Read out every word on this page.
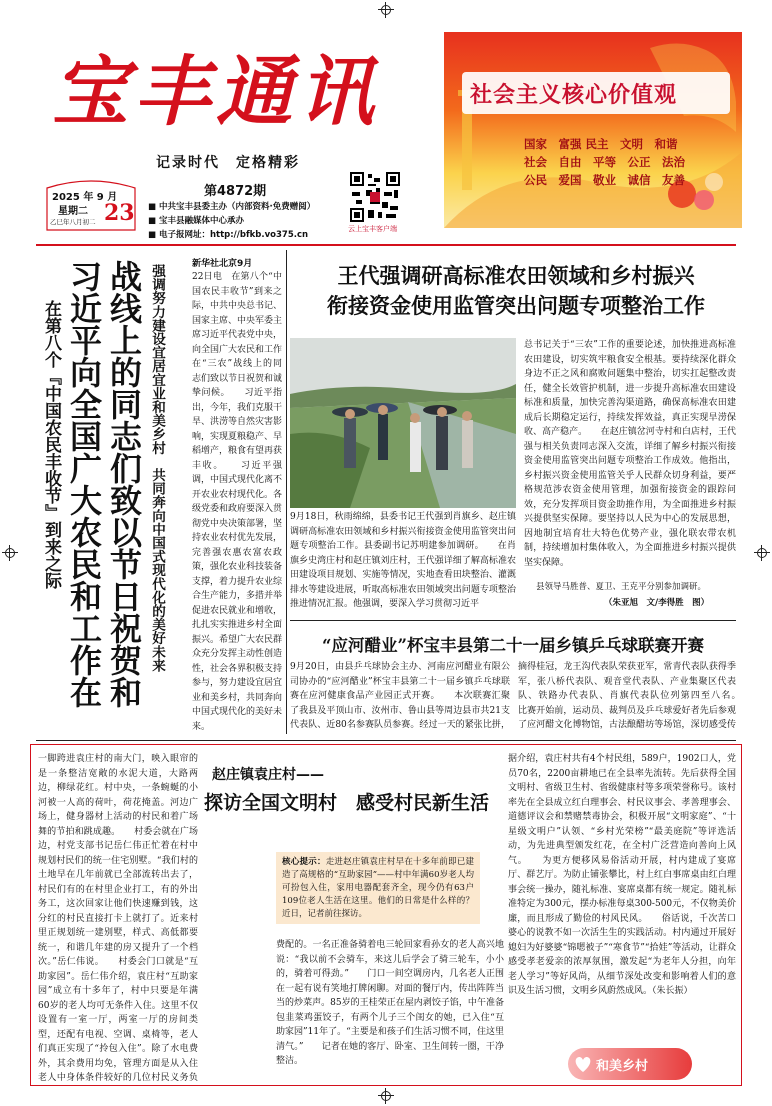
宝丰通讯
记录时代　定格精彩
2025 年 9 月
星期二
乙巳年八月初二 23
第4872期
■ 中共宝丰县委主办（内部资料·免费赠阅）
■ 宝丰县融媒体中心承办
■ 电子报网址：http://bfkb.vo375.cn
云上宝丰客户端
社会主义核心价值观
国家　富强 民主　文明　和谐
社会　自由　平等　公正　法治
公民　爱国　敬业　诚信　友善
在第八个『中国农民丰收节』到来之际
习近平向全国广大农民和工作在
战线上的同志们致以节日祝贺和
强调努力建设宜居宜业和美乡村　共同奔向中国式现代化的美好未来	新华社北京9月
22日电　在第八个“中国农民丰收节”到来之际，中共中央总书记、国家主席、中央军委主席习近平代表党中央，向全国广大农民和工作在“三农”战线上的同志们致以节日祝贺和诚挚问候。　　习近平指出，今年，我们克服干旱、洪涝等自然灾害影响，实现夏粮稳产、早稻增产，粮食有望再获丰收。　　习近平强调，中国式现代化离不开农业农村现代化。各级党委和政府要深入贯彻党中央决策部署，坚持农业农村优先发展，完善强农惠农富农政策，强化农业科技装备支撑，着力提升农业综合生产能力，多措并举促进农民就业和增收，扎扎实实推进乡村全面振兴。希望广大农民群众充分发挥主动性创造性，社会各界积极支持参与，努力建设宜居宜业和美乡村，共同奔向中国式现代化的美好未来。
王代强调研高标准农田领域和乡村振兴
衔接资金使用监管突出问题专项整治工作
9月18日，秋雨绵绵，县委书记王代强到肖旗乡、赵庄镇调研高标准农田领域和乡村振兴衔接资金使用监管突出问题专项整治工作。县委副书记苏明建参加调研。　　在肖旗乡史湾庄村和赵庄镇刘庄村，王代强详细了解高标准农田建设项目规划、实施等情况，实地查看田块整治、灌溉排水等建设进展，听取高标准农田领域突出问题专项整治推进情况汇报。他强调，要深入学习贯彻习近平
总书记关于“三农”工作的重要论述，加快推进高标准农田建设，切实筑牢粮食安全根基。要持续深化群众身边不正之风和腐败问题集中整治，切实扛起整改责任，健全长效管护机制，进一步提升高标准农田建设标准和质量，加快完善沟渠道路，确保高标准农田建成后长期稳定运行，持续发挥效益，真正实现旱涝保收、高产稳产。　　在赵庄镇岔河寺村和白店村，王代强与相关负责同志深入交流，详细了解乡村振兴衔接资金使用监管突出问题专项整治工作成效。他指出，乡村振兴资金使用监管关乎人民群众切身利益，要严格规范涉农资金使用管理，加强衔接资金的跟踪问效，充分发挥项目资金助推作用，为全面推进乡村振兴提供坚实保障。要坚持以人民为中心的发展思想，因地制宜培育壮大特色优势产业，强化联农带农机制，持续增加村集体收入，为全面推进乡村振兴提供坚实保障。
县领导马胜普、夏卫、王克平分别参加调研。
（朱亚旭　文/李得胜　图）
“应河醋业”杯宝丰县第二十一届乡镇乒乓球联赛开赛
9月20日，由县乒乓球协会主办、河南应河醋业有限公司协办的“应河醋业”杯宝丰县第二十一届乡镇乒乓球联赛在应河健康食品产业园正式开赛。　　本次联赛汇聚了我县及平顶山市、汝州市、鲁山县等周边县市共21支代表队、近80名参赛队员参赛。经过一天的紧张比拼，
摘得桂冠，龙王沟代表队荣获亚军，常青代表队获得季军，张八桥代表队、观音堂代表队、产业集聚区代表队、铁路办代表队、肖旗代表队位列第四至八名。　　比赛开始前，运动员、裁判员及乒乓球爱好者先后参观了应河醋文化博物馆，古法酿醋坊等场馆，深切感受传
赵庄镇袁庄村——
探访全国文明村　感受村民新生活
一脚跨进袁庄村的南大门，映入眼帘的是一条整洁宽敞的水泥大道，大路两边，柳绿花红。村中央，一条蜿蜒的小河被一人高的荷叶，荷花掩盖。河边广场上，健身器材上活动的村民和着广场舞的节拍和跳成趣。　　村委会就在广场边，村党支部书记岳仁伟正忙着在村中规划村民们的统一住宅别墅。“我们村的土地早在几年前就已全部流转出去了，村民们有的在村里企业打工，有的外出务工，这次回家让他们快速赚到钱，这分红的村民直接打卡上就打了。近来村里正规划统一建别墅，样式、高低都要统一，和谐几年建的房又提升了一个档次。”岳仁伟说。　　村委会门口就是“互助家园”。岳仁伟介绍，袁庄村“互助家园”成立有十多年了，村中只要是年满60岁的老人均可无条件入住。这里不仅设置有一室一厅，两室一厅的房间类型，还配有电视、空调、桌椅等，老人们真正实现了“拎包入住”。除了水电费外，其余费用均免，管理方面是从入住老人中身体条件较好的几位村民义务负　　
核心提示：走进赵庄镇袁庄村早在十多年前即已建造了高规格的“互助家园”——村中年满60岁老人均可扮包入住，家用电器配套齐全，现今仍有63户109位老人生活在这里。他们的日常是什么样的？近日，记者前往探访。
费配的。一名正准备骑着电三轮回家看孙女的老人高兴地说：“我以前不会骑车，来这儿后学会了骑三轮车，小小的，骑着可得劲。”　　门口一间空调房内，几名老人正围在一起有说有笑地打牌闲聊。对面的餐厅内，传出阵阵当当的炒菜声。85岁的王桂荣正在屋内剥饺子馅，中午准备包韭菜鸡蛋饺子，有两个儿子三个闺女的她，已入住“互助家园”11年了。“主要是和孩子们生活习惯不同，住这里清气。”　　记者在她的客厅、卧室、卫生间转一圈，干净整洁。
据介绍，袁庄村共有4个村民组，589户，1902口人，党员70名，2200亩耕地已在全县率先流转。先后获得全国文明村、省级卫生村、省级健康村等多项荣誉称号。该村率先在全县成立红白理事会、村民议事会、孝善理事会、道德评议会和禁赌禁毒协会，积极开展“文明家庭”、“十星级文明户”认领、“乡村光荣榜”“最美庭院”等评选活动，为先进典型颁发红花，在全村广泛营造向善向上风气。　　为更方便移风易俗活动开展，村内建成了宴席厅、群艺厅。为防止铺张攀比，村上红白事席桌由红白理事会统一操办，随礼标准、宴席桌都有统一规定。随礼标准特定为300元，摆办标准每桌300-500元，不仅物美价廉，而且形成了勤俭的村风民风。　　俗话说，千次苦口婆心的说教不如一次活生生的实践活动。村内通过开展好媳妇为好婆婆“锦嗯被子”“寒食节”“拾娃”等活动，让群众感受孝老爱亲的浓厚氛围，激发起“为老年人分担，向年老人学习”等好风尚，从细节深处改变和影响着人们的意识及生活习惯，文明乡风蔚然成风。（朱长振）
和美乡村
